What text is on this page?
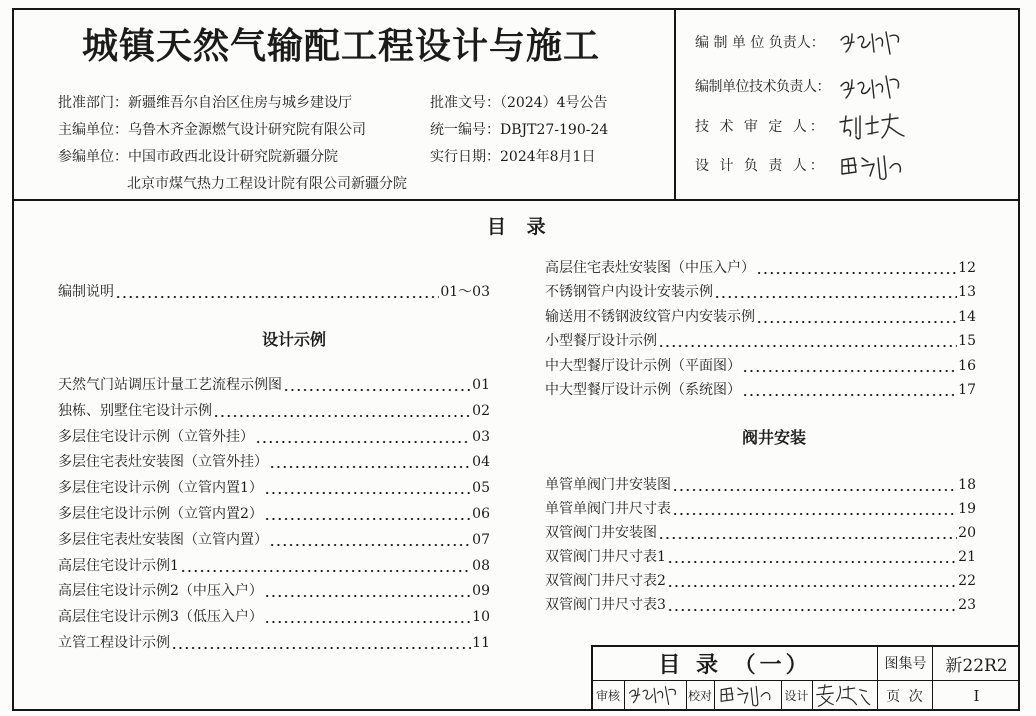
城镇天然气输配工程设计与施工
批准部门：新疆维吾尔自治区住房与城乡建设厅
主编单位：乌鲁木齐金源燃气设计研究院有限公司
参编单位：中国市政西北设计研究院新疆分院
北京市煤气热力工程设计院有限公司新疆分院
批准文号：（2024）4号公告
统一编号：DBJT27-190-24
实行日期：2024年8月1日
编 制 单 位 负责人：
编制单位技术负责人：
技 术 审 定 人：
设 计 负 责 人：
目 录
编制说明	01～03
设计示例
天然气门站调压计量工艺流程示例图	01
独栋、别墅住宅设计示例	02
多层住宅设计示例（立管外挂）	03
多层住宅表灶安装图（立管外挂）	04
多层住宅设计示例（立管内置1）	05
多层住宅设计示例（立管内置2）	06
多层住宅表灶安装图（立管内置）	07
高层住宅设计示例1	08
高层住宅设计示例2（中压入户）	09
高层住宅设计示例3（低压入户）	10
立管工程设计示例	11
高层住宅表灶安装图（中压入户）	12
不锈钢管户内设计安装示例	13
输送用不锈钢波纹管户内安装示例	14
小型餐厅设计示例	15
中大型餐厅设计示例（平面图）	16
中大型餐厅设计示例（系统图）	17
阀井安装
单管单阀门井安装图	18
单管单阀门井尺寸表	19
双管阀门井安装图	20
双管阀门井尺寸表1	21
双管阀门井尺寸表2	22
双管阀门井尺寸表3	23
目 录 （一）	图集号	新22R2
审核	校对	设计	页 次	I
